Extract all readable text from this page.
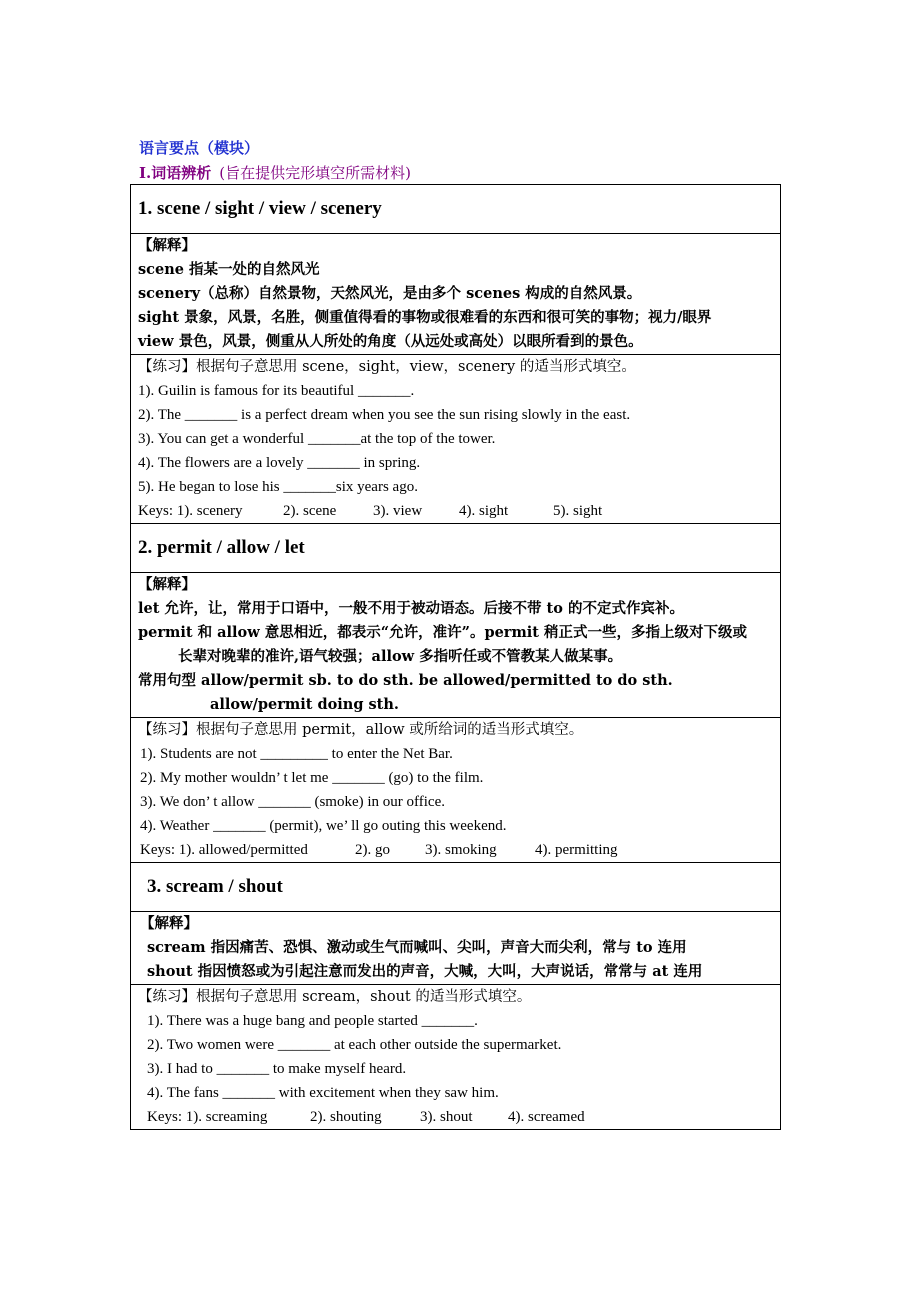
语言要点（模块）
I.词语辨析 (旨在提供完形填空所需材料)
1. scene / sight / view / scenery

【解释】
scene 指某一处的自然风光
scenery（总称）自然景物，天然风光，是由多个 scenes 构成的自然风景。
sight 景象，风景，名胜，侧重值得看的事物或很难看的东西和很可笑的事物；视力/眼界
view 景色，风景，侧重从人所处的角度（从远处或高处）以眼所看到的景色。

【练习】根据句子意思用 scene，sight，view，scenery 的适当形式填空。
1). Guilin is famous for its beautiful _______.
2). The _______ is a perfect dream when you see the sun rising slowly in the east.
3). You can get a wonderful _______at the top of the tower.
4). The flowers are a lovely _______ in spring.
5). He began to lose his _______six years ago.
Keys: 1). scenery	2). scene 3). view 4). sight	5). sight

2. permit / allow / let

【解释】
let 允许，让，常用于口语中，一般不用于被动语态。后接不带 to 的不定式作宾补。
permit 和 allow 意思相近，都表示“允许，准许”。permit 稍正式一些，多指上级对下级或
长辈对晚辈的准许,语气较强；allow 多指听任或不管教某人做某事。
常用句型 allow/permit sb. to do sth. be allowed/permitted to do sth.
allow/permit doing sth.

【练习】根据句子意思用 permit，allow 或所给词的适当形式填空。
1). Students are not _________ to enter the Net Bar.
2). My mother wouldn’ t let me _______ (go) to the film.
3). We don’ t allow _______ (smoke) in our office.
4). Weather _______ (permit), we’ ll go outing this weekend.
Keys: 1). allowed/permitted	2). go 3). smoking	4). permitting

3. scream / shout

【解释】
scream 指因痛苦、恐惧、激动或生气而喊叫、尖叫，声音大而尖利，常与 to 连用
shout 指因愤怒或为引起注意而发出的声音，大喊，大叫，大声说话，常常与 at 连用

【练习】根据句子意思用 scream，shout 的适当形式填空。
1). There was a huge bang and people started _______.
2). Two women were _______ at each other outside the supermarket.
3). I had to _______ to make myself heard.
4). The fans _______ with excitement when they saw him.
Keys: 1). screaming	2). shouting	3). shout 4). screamed
